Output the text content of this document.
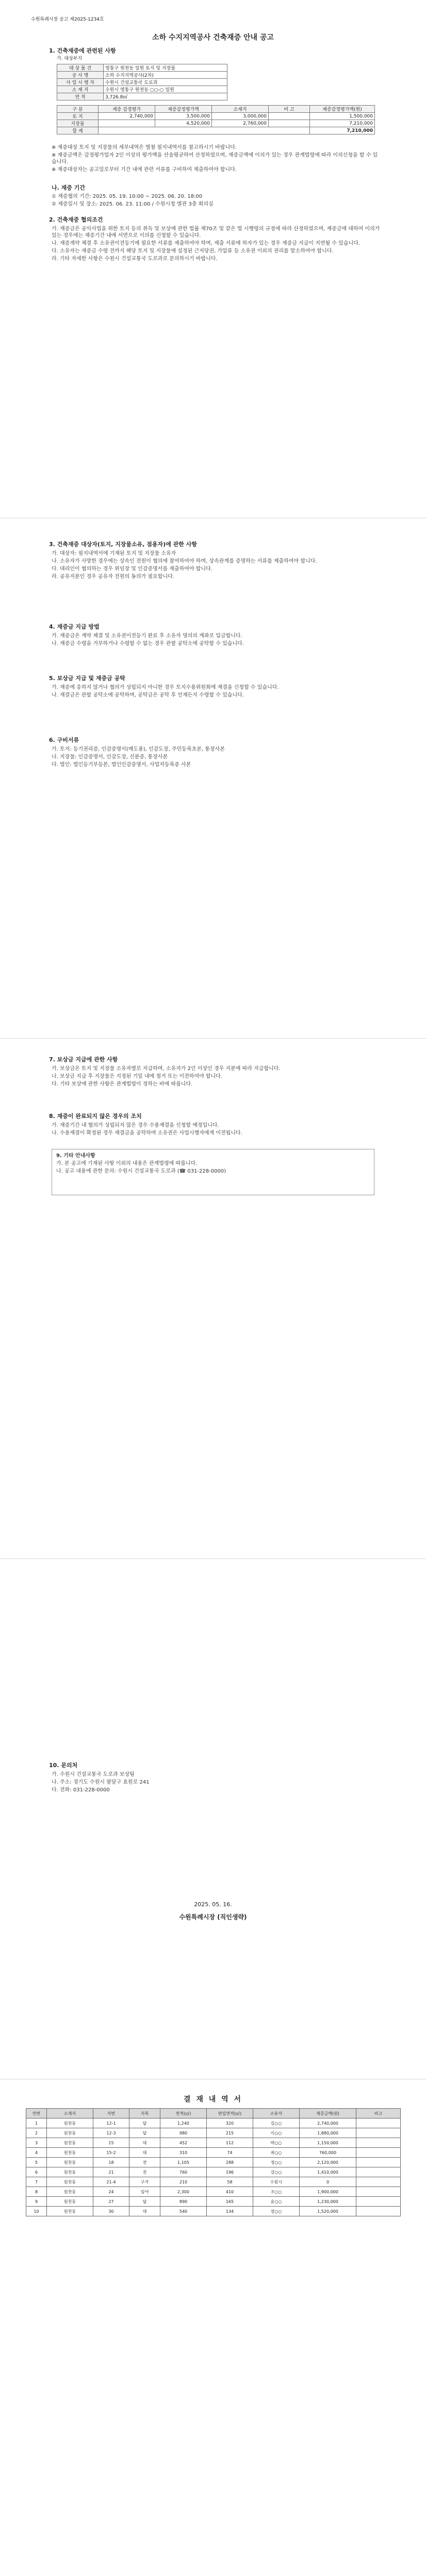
수원특례시장 공고 제2025-1234호
소하 수지지역공사 건축재증 안내 공고
1. 건축재증에 관련된 사항
가. 대상부지
대 상 물 건	영통구 원천동 일원 토지 및 지장물
공 사 명	소하 수지지역공사(2차)
사 업 시 행 자	수원시 건설교통국 도로과
소 재 지	수원시 영통구 원천동 ○○-○ 일원
면 적	3,726.8㎡
구 분	재증 감정평가	재증감정평가액	소재지	비 고	재증감정평가액(원)
토 지	2,740,000	3,500,000	3,000,000		1,500,000
지장물		4,520,000	2,760,000		7,210,000
합 계					7,210,000

※ 재증대상 토지 및 지장물의 세부내역은 별첨 필지내역서를 참고하시기 바랍니다.

※ 재증금액은 감정평가업자 2인 이상의 평가액을 산술평균하여 산정하였으며, 재증금액에 이의가 있는 경우 관계법령에 따라 이의신청을 할 수 있습니다.

※ 재증대상자는 공고일로부터 기간 내에 관련 서류를 구비하여 제출하여야 합니다.

나. 재증 기간

① 재증협의 기간: 2025. 05. 19. 10:00 ~ 2025. 06. 20. 18:00

② 재증일시 및 장소: 2025. 06. 23. 11:00 / 수원시청 별관 3층 회의실

2. 건축재증 협의조건

가. 재증금은 공익사업을 위한 토지 등의 취득 및 보상에 관한 법률 제70조 및 같은 법 시행령의 규정에 따라 산정하였으며, 재증금에 대하여 이의가 있는 경우에는 재증기간 내에 서면으로 이의를 신청할 수 있습니다.

나. 재증계약 체결 후 소유권이전등기에 필요한 서류를 제출하여야 하며, 제출 서류에 하자가 있는 경우 재증금 지급이 지연될 수 있습니다.

다. 소유자는 재증금 수령 전까지 해당 토지 및 지장물에 설정된 근저당권, 가압류 등 소유권 이외의 권리를 말소하여야 합니다.

라. 기타 자세한 사항은 수원시 건설교통국 도로과로 문의하시기 바랍니다.

3. 건축재증 대상자(토지, 지장물소유, 점용자)에 관한 사항

가. 대상자: 필지내역서에 기재된 토지 및 지장물 소유자

나. 소유자가 사망한 경우에는 상속인 전원이 협의에 참여하여야 하며, 상속관계를 증명하는 서류를 제출하여야 합니다.

다. 대리인이 협의하는 경우 위임장 및 인감증명서를 제출하여야 합니다.

라. 공유지분인 경우 공유자 전원의 동의가 필요합니다.

4. 재증금 지급 방법

가. 재증금은 계약 체결 및 소유권이전등기 완료 후 소유자 명의의 계좌로 입금합니다.

나. 재증금 수령을 거부하거나 수령할 수 없는 경우 관할 공탁소에 공탁할 수 있습니다.

5. 보상금 지급 및 재증금 공탁

가. 재증에 응하지 않거나 협의가 성립되지 아니한 경우 토지수용위원회에 재결을 신청할 수 있습니다.

나. 재결금은 관할 공탁소에 공탁하며, 공탁금은 공탁 후 언제든지 수령할 수 있습니다.

6. 구비서류

가. 토지: 등기권리증, 인감증명서(매도용), 인감도장, 주민등록초본, 통장사본

나. 지장물: 인감증명서, 인감도장, 신분증, 통장사본

다. 법인: 법인등기부등본, 법인인감증명서, 사업자등록증 사본

7. 보상금 지급에 관한 사항

가. 보상금은 토지 및 지장물 소유자별로 지급하며, 소유자가 2인 이상인 경우 지분에 따라 지급합니다.

나. 보상금 지급 후 지장물은 지정된 기일 내에 철거 또는 이전하여야 합니다.

다. 기타 보상에 관한 사항은 관계법령이 정하는 바에 따릅니다.

8. 재증이 완료되지 않은 경우의 조치

가. 재증기간 내 협의가 성립되지 않은 경우 수용재결을 신청할 예정입니다.

나. 수용재결이 확정된 경우 재결금을 공탁하며 소유권은 사업시행자에게 이전됩니다.

9. 기타 안내사항

가. 본 공고에 기재된 사항 이외의 내용은 관계법령에 따릅니다.

나. 공고 내용에 관한 문의: 수원시 건설교통국 도로과 (☎ 031-228-0000)

10. 문의처

가. 수원시 건설교통국 도로과 보상팀

나. 주소: 경기도 수원시 팔달구 효원로 241

다. 전화: 031-228-0000

2025. 05. 16.
수원특례시장 (직인생략)
결 재 내 역 서
연번	소재지	지번	지목	면적(㎡)	편입면적(㎡)	소유자	재증금액(원)	비고
1	원천동	12-1	답	1,240	320	김○○	2,740,000	
2	원천동	12-3	답	980	215	이○○	1,880,000	
3	원천동	15	대	452	112	박○○	1,150,000	
4	원천동	15-2	대	310	74	최○○	760,000	
5	원천동	18	전	1,105	288	정○○	2,120,000	
6	원천동	21	전	760	196	강○○	1,410,000	
7	원천동	21-4	구거	210	58	수원시	0	
8	원천동	24	임야	2,300	410	조○○	1,900,000	
9	원천동	27	답	890	165	윤○○	1,230,000	
10	원천동	30	대	540	134	장○○	1,520,000	
